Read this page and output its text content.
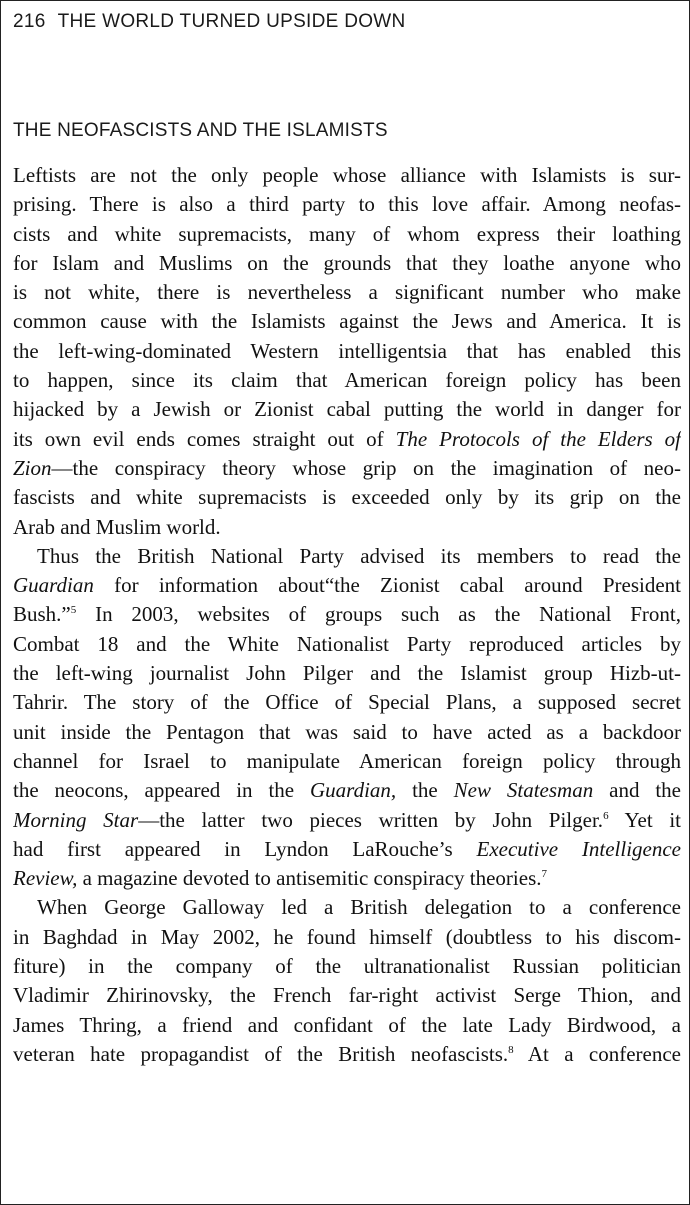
216 THE WORLD TURNED UPSIDE DOWN
THE NEOFASCISTS AND THE ISLAMISTS
Leftists are not the only people whose alliance with Islamists is sur-
prising. There is also a third party to this love affair. Among neofas-
cists and white supremacists, many of whom express their loathing
for Islam and Muslims on the grounds that they loathe anyone who
is not white, there is nevertheless a significant number who make
common cause with the Islamists against the Jews and America. It is
the left-wing-dominated Western intelligentsia that has enabled this
to happen, since its claim that American foreign policy has been
hijacked by a Jewish or Zionist cabal putting the world in danger for
its own evil ends comes straight out of The Protocols of the Elders of
Zion—the conspiracy theory whose grip on the imagination of neo-
fascists and white supremacists is exceeded only by its grip on the
Arab and Muslim world.
Thus the British National Party advised its members to read the
Guardian for information about“the Zionist cabal around President
Bush.”$^5$ In 2003, websites of groups such as the National Front,
Combat 18 and the White Nationalist Party reproduced articles by
the left-wing journalist John Pilger and the Islamist group Hizb-ut-
Tahrir. The story of the Office of Special Plans, a supposed secret
unit inside the Pentagon that was said to have acted as a backdoor
channel for Israel to manipulate American foreign policy through
the neocons, appeared in the Guardian, the New Statesman and the
Morning Star—the latter two pieces written by John Pilger.$^6$ Yet it
had first appeared in Lyndon LaRouche’s Executive Intelligence
Review, a magazine devoted to antisemitic conspiracy theories.$^7$
When George Galloway led a British delegation to a conference
in Baghdad in May 2002, he found himself (doubtless to his discom-
fiture) in the company of the ultranationalist Russian politician
Vladimir Zhirinovsky, the French far-right activist Serge Thion, and
James Thring, a friend and confidant of the late Lady Birdwood, a
veteran hate propagandist of the British neofascists.$^8$ At a conference
